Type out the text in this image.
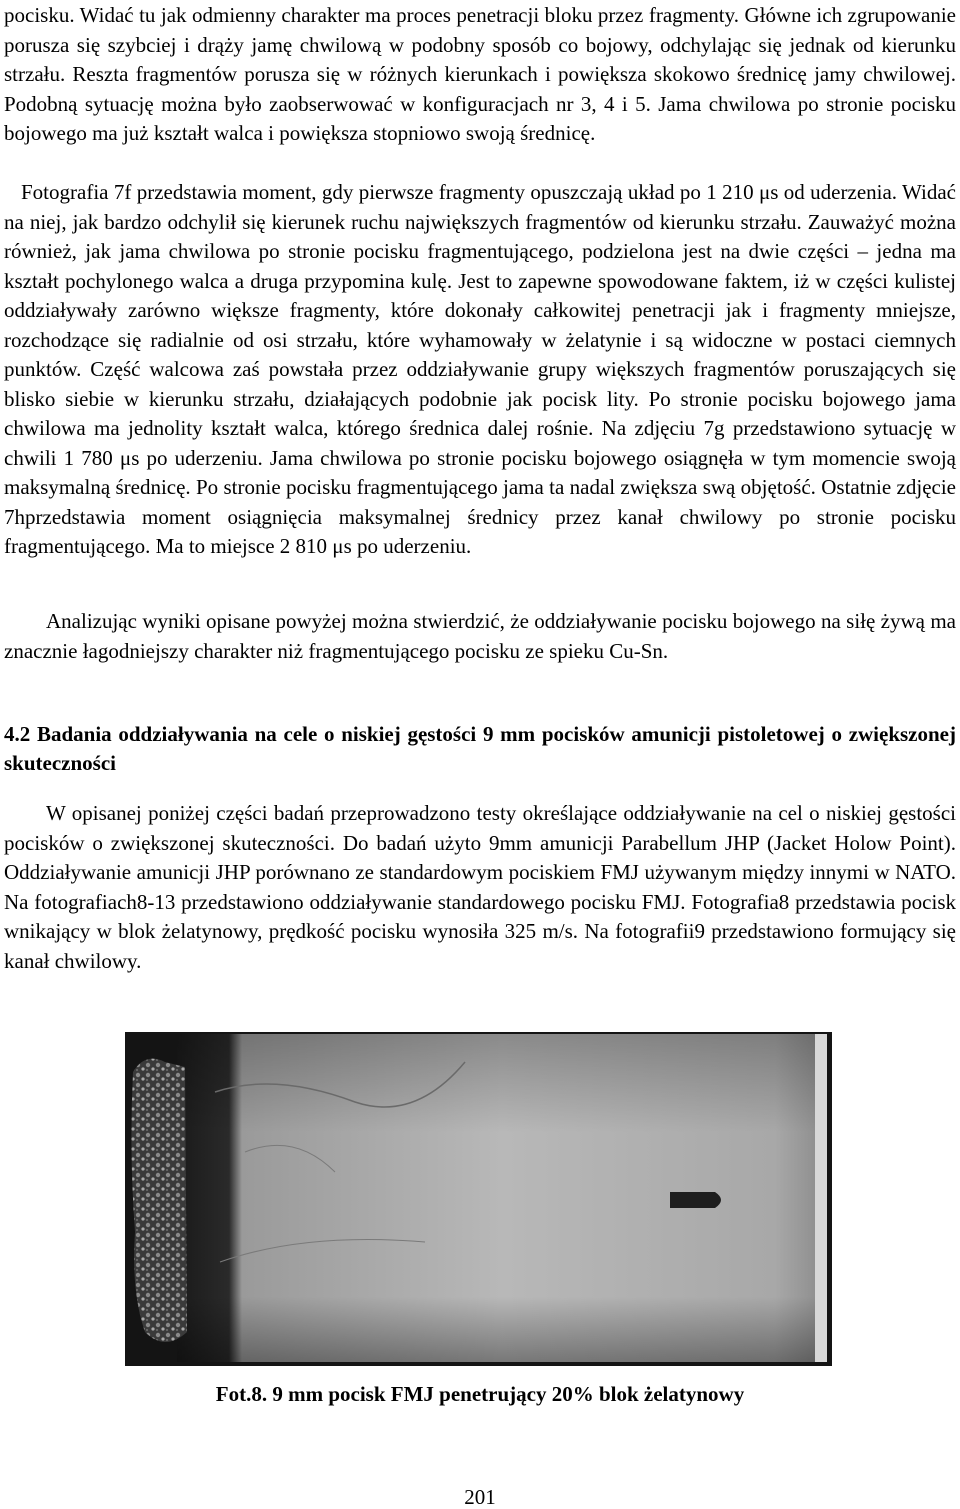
pocisku. Widać tu jak odmienny charakter ma proces penetracji bloku przez fragmenty. Główne ich zgrupowanie porusza się szybciej i drąży jamę chwilową w podobny sposób co bojowy, odchylając się jednak od kierunku strzału. Reszta fragmentów porusza się w różnych kierunkach i powiększa skokowo średnicę jamy chwilowej. Podobną sytuację można było zaobserwować w konfiguracjach nr 3, 4 i 5. Jama chwilowa po stronie pocisku bojowego ma już kształt walca i powiększa stopniowo swoją średnicę.

Fotografia 7f przedstawia moment, gdy pierwsze fragmenty opuszczają układ po 1 210 μs od uderzenia. Widać na niej, jak bardzo odchylił się kierunek ruchu największych fragmentów od kierunku strzału. Zauważyć można również, jak jama chwilowa po stronie pocisku fragmentującego, podzielona jest na dwie części – jedna ma kształt pochylonego walca a druga przypomina kulę. Jest to zapewne spowodowane faktem, iż w części kulistej oddziaływały zarówno większe fragmenty, które dokonały całkowitej penetracji jak i fragmenty mniejsze, rozchodzące się radialnie od osi strzału, które wyhamowały w żelatynie i są widoczne w postaci ciemnych punktów. Część walcowa zaś powstała przez oddziaływanie grupy większych fragmentów poruszających się blisko siebie w kierunku strzału, działających podobnie jak pocisk lity. Po stronie pocisku bojowego jama chwilowa ma jednolity kształt walca, którego średnica dalej rośnie. Na zdjęciu 7g przedstawiono sytuację w chwili 1 780 μs po uderzeniu. Jama chwilowa po stronie pocisku bojowego osiągnęła w tym momencie swoją maksymalną średnicę. Po stronie pocisku fragmentującego jama ta nadal zwiększa swą objętość. Ostatnie zdjęcie 7hprzedstawia moment osiągnięcia maksymalnej średnicy przez kanał chwilowy po stronie pocisku fragmentującego. Ma to miejsce 2 810 μs po uderzeniu.

Analizując wyniki opisane powyżej można stwierdzić, że oddziaływanie pocisku bojowego na siłę żywą ma znacznie łagodniejszy charakter niż fragmentującego pocisku ze spieku Cu-Sn.

4.2 Badania oddziaływania na cele o niskiej gęstości 9 mm pocisków amunicji pistoletowej o zwiększonej skuteczności

W opisanej poniżej części badań przeprowadzono testy określające oddziaływanie na cel o niskiej gęstości pocisków o zwiększonej skuteczności. Do badań użyto 9mm amunicji Parabellum JHP (Jacket Holow Point). Oddziaływanie amunicji JHP porównano ze standardowym pociskiem FMJ używanym między innymi w NATO. Na fotografiach8-13 przedstawiono oddziaływanie standardowego pocisku FMJ. Fotografia8 przedstawia pocisk wnikający w blok żelatynowy, prędkość pocisku wynosiła 325 m/s. Na fotografii9 przedstawiono formujący się kanał chwilowy.

Fot.8. 9 mm pocisk FMJ penetrujący 20% blok żelatynowy
201
